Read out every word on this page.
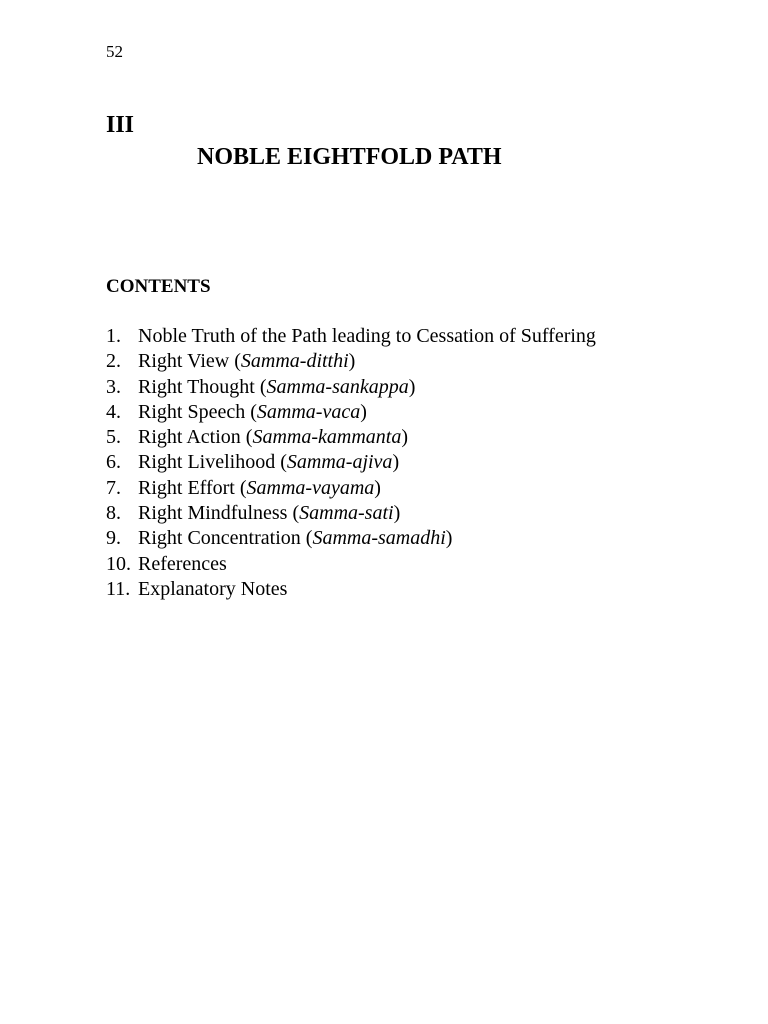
52
III
NOBLE EIGHTFOLD PATH
CONTENTS
1. Noble Truth of the Path leading to Cessation of Suffering
2. Right View (Samma-ditthi)
3. Right Thought (Samma-sankappa)
4. Right Speech (Samma-vaca)
5. Right Action (Samma-kammanta)
6. Right Livelihood (Samma-ajiva)
7. Right Effort (Samma-vayama)
8. Right Mindfulness (Samma-sati)
9. Right Concentration (Samma-samadhi)
10. References
11. Explanatory Notes
